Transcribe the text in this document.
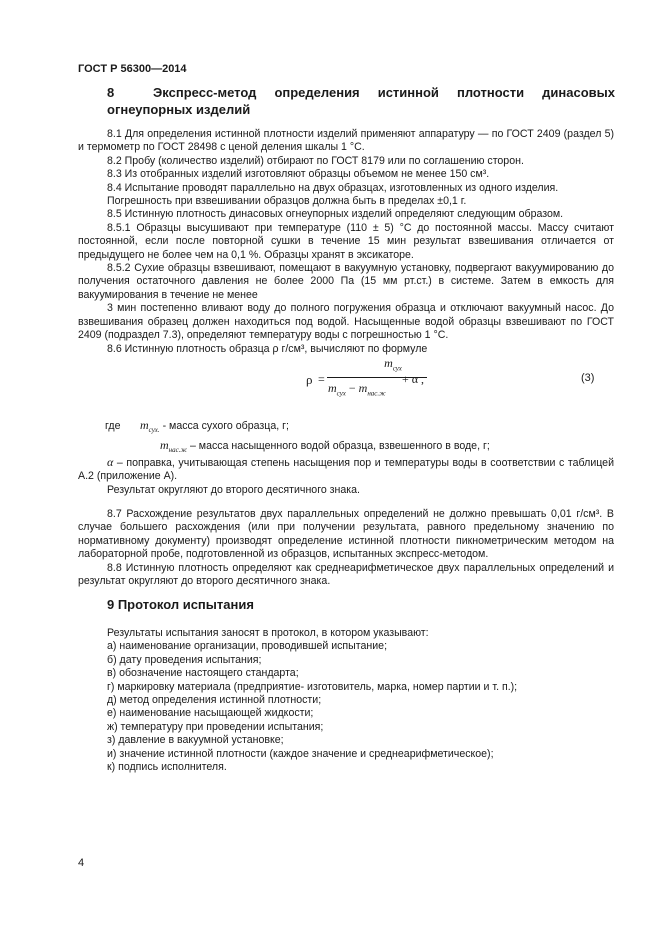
ГОСТ Р 56300—2014
8	Экспресс-метод определения истинной плотности динасовых
огнеупорных изделий

8.1 Для определения истинной плотности изделий применяют аппаратуру — по ГОСТ 2409 (раздел 5) и термометр по ГОСТ 28498 с ценой деления шкалы 1 °С.

8.2 Пробу (количество изделий) отбирают по ГОСТ 8179 или по соглашению сторон.

8.3 Из отобранных изделий изготовляют образцы объемом не менее 150 см³.

8.4 Испытание проводят параллельно на двух образцах, изготовленных из одного изделия.

Погрешность при взвешивании образцов должна быть в пределах ±0,1 г.

8.5 Истинную плотность динасовых огнеупорных изделий определяют следующим образом.

8.5.1 Образцы высушивают при температуре (110 ± 5) °С до постоянной массы. Массу считают постоянной, если после повторной сушки в течение 15 мин результат взвешивания отличается от предыдущего не более чем на 0,1 %. Образцы хранят в эксикаторе.

8.5.2 Сухие образцы взвешивают, помещают в вакуумную установку, подвергают вакуумированию до получения остаточного давления не более 2000 Па (15 мм рт.ст.) в системе. Затем в емкость для вакуумирования в течение не менее

3 мин постепенно вливают воду до полного погружения образца и отключают вакуумный насос. До взвешивания образец должен находиться под водой. Насыщенные водой образцы взвешивают по ГОСТ 2409 (подраздел 7.3), определяют температуру воды с погрешностью 1 °С.

8.6 Истинную плотность образца ρ г/см³, вычисляют по формуле

ρ =
$m_{сух}$
$m_{сух} - m_{нас.ж}$
+ α ,	(3)
где $m_{сух.}$ - масса сухого образца, г;
$m_{нас.ж}$ – масса насыщенного водой образца, взвешенного в воде, г;

α – поправка, учитывающая степень насыщения пор и температуры воды в соответствии с таблицей А.2 (приложение А).

Результат округляют до второго десятичного знака.

8.7 Расхождение результатов двух параллельных определений не должно превышать 0,01 г/см³. В случае большего расхождения (или при получении результата, равного предельному значению по нормативному документу) производят определение истинной плотности пикнометрическим методом на лабораторной пробе, подготовленной из образцов, испытанных экспресс-методом.

8.8 Истинную плотность определяют как среднеарифметическое двух параллельных определений и результат округляют до второго десятичного знака.

9 Протокол испытания
Результаты испытания заносят в протокол, в котором указывают:
а) наименование организации, проводившей испытание;
б) дату проведения испытания;
в) обозначение настоящего стандарта;
г) маркировку материала (предприятие- изготовитель, марка, номер партии и т. п.);
д) метод определения истинной плотности;
е) наименование насыщающей жидкости;
ж) температуру при проведении испытания;
з) давление в вакуумной установке;
и) значение истинной плотности (каждое значение и среднеарифметическое);
к) подпись исполнителя.
4
